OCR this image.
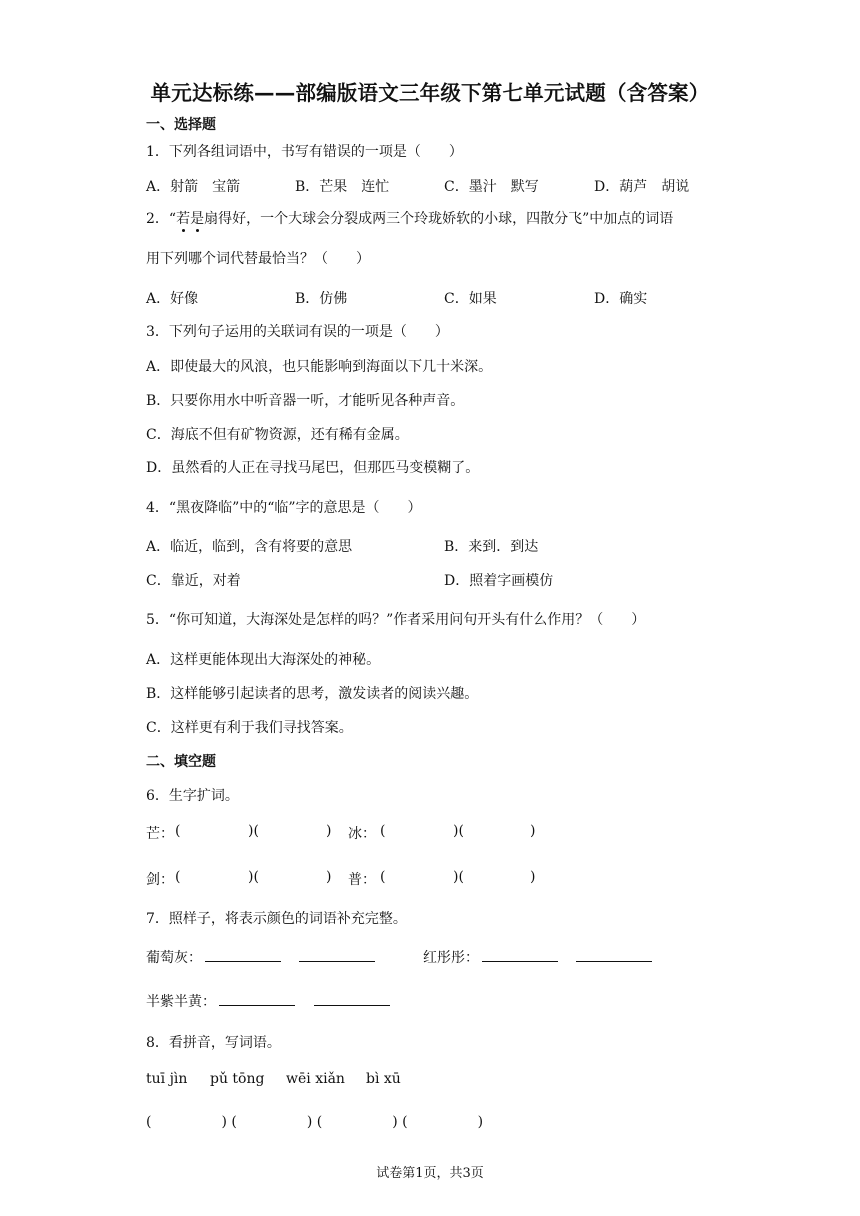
单元达标练——部编版语文三年级下第七单元试题（含答案）
一、选择题
1．下列各组词语中，书写有错误的一项是（　　）
A．射箭　宝箭	B．芒果　连忙	C．墨汁　默写	D．葫芦　胡说
2．“若是扇得好，一个大球会分裂成两三个玲珑娇软的小球，四散分飞”中加点的词语
用下列哪个词代替最恰当？（　　）
A．好像	B．仿佛	C．如果	D．确实
3．下列句子运用的关联词有误的一项是（　　）
A．即使最大的风浪，也只能影响到海面以下几十米深。
B．只要你用水中听音器一听，才能听见各种声音。
C．海底不但有矿物资源，还有稀有金属。
D．虽然看的人正在寻找马尾巴，但那匹马变模糊了。
4．“黑夜降临”中的“临”字的意思是（　　）
A．临近，临到，含有将要的意思	B．来到．到达
C．靠近，对着	D．照着字画模仿
5．“你可知道，大海深处是怎样的吗？”作者采用问句开头有什么作用？（　　）
A．这样更能体现出大海深处的神秘。
B．这样能够引起读者的思考，激发读者的阅读兴趣。
C．这样更有利于我们寻找答案。
二、填空题
6．生字扩词。
芒： (	)(	) 冰： (	)(	)
剑： (	)(	) 普： (	)(	)
7．照样子，将表示颜色的词语补充完整。
葡萄灰：	红彤彤：
半紫半黄：
8．看拼音，写词语。
tuī jìn pǔ tōng wēi xiǎn bì xū
(　　　　　) (　　　　　) (　　　　　) (　　　　　)
试卷第1页，共3页
